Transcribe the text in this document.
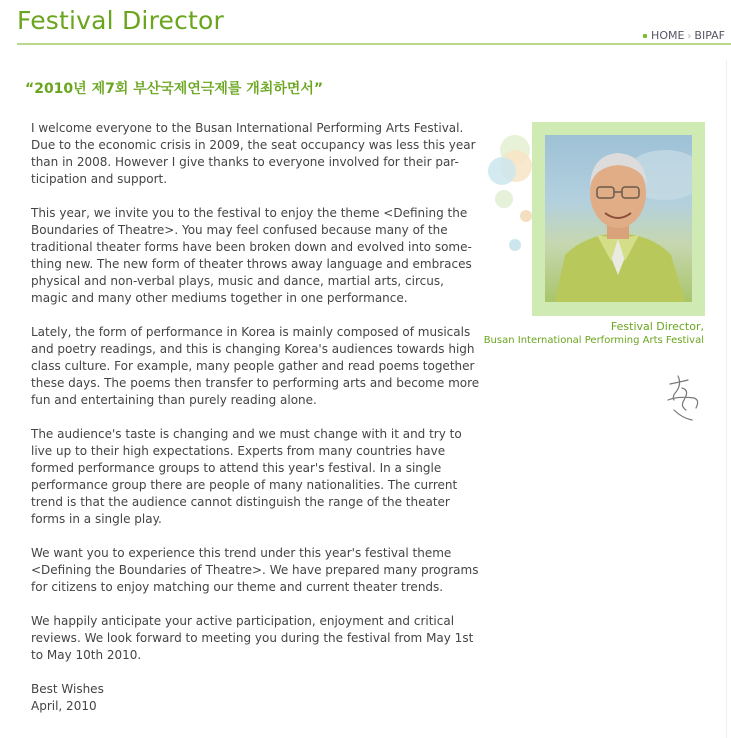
Festival Director
HOME › BIPAF
“2010년 제7회 부산국제연극제를 개최하면서”

I welcome everyone to the Busan International Performing Arts Festival. Due to the economic crisis in 2009, the seat occupancy was less this year than in 2008. However I give thanks to everyone involved for their par-ticipation and support.

This year, we invite you to the festival to enjoy the theme <Defining the Boundaries of Theatre>. You may feel confused because many of the traditional theater forms have been broken down and evolved into some-thing new. The new form of theater throws away language and embraces physical and non-verbal plays, music and dance, martial arts, circus, magic and many other mediums together in one performance.

Lately, the form of performance in Korea is mainly composed of musicals and poetry readings, and this is changing Korea's audiences towards high class culture. For example, many people gather and read poems together these days. The poems then transfer to performing arts and become more fun and entertaining than purely reading alone.

The audience's taste is changing and we must change with it and try to live up to their high expectations. Experts from many countries have formed performance groups to attend this year's festival. In a single performance group there are people of many nationalities. The current trend is that the audience cannot distinguish the range of the theater forms in a single play.

We want you to experience this trend under this year's festival theme <Defining the Boundaries of Theatre>. We have prepared many programs for citizens to enjoy matching our theme and current theater trends.

We happily anticipate your active participation, enjoyment and critical reviews. We look forward to meeting you during the festival from May 1st to May 10th 2010.

Best Wishes
April, 2010
Festival Director,
Busan International Performing Arts Festival
